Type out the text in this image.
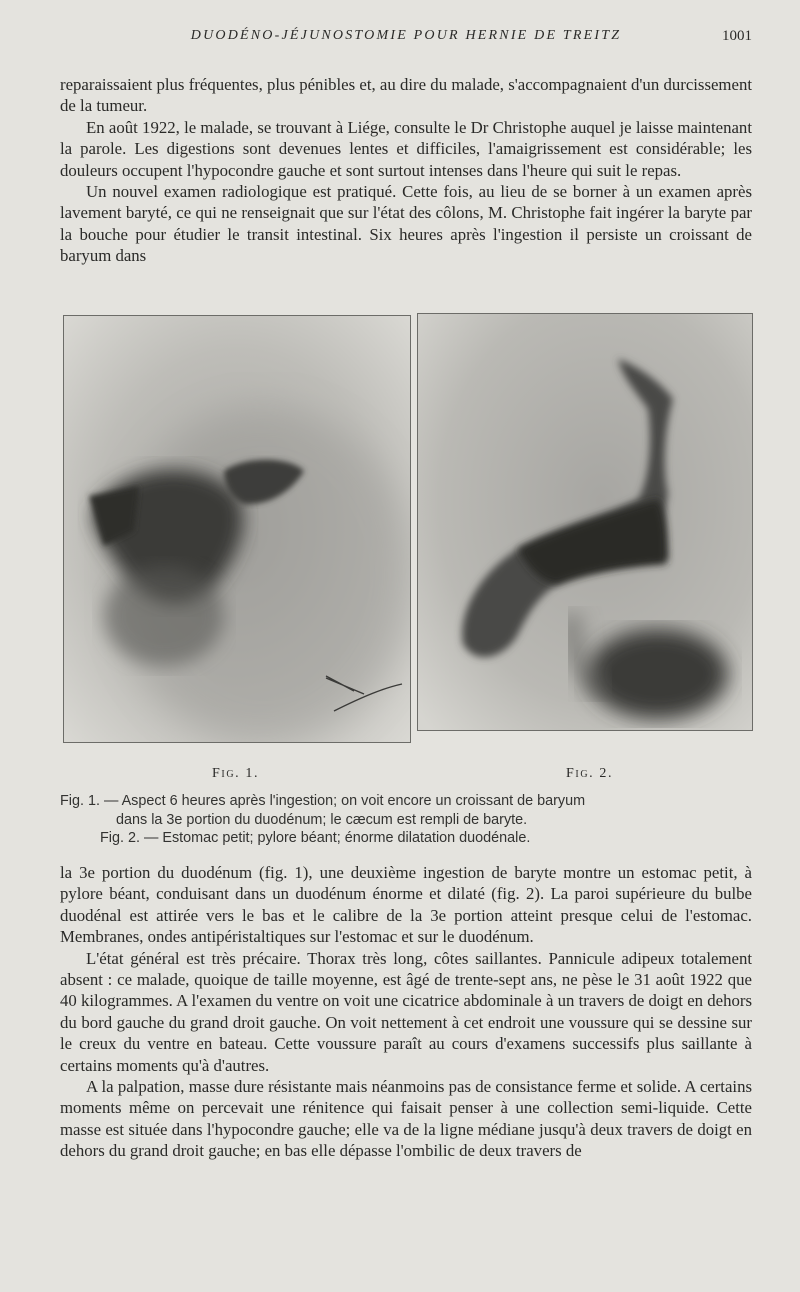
DUODÉNO-JÉJUNOSTOMIE POUR HERNIE DE TREITZ	1001

reparaissaient plus fréquentes, plus pénibles et, au dire du malade, s'accompagnaient d'un durcissement de la tumeur.

En août 1922, le malade, se trouvant à Liége, consulte le Dr Christophe auquel je laisse maintenant la parole. Les digestions sont devenues lentes et difficiles, l'amaigrissement est considérable; les douleurs occupent l'hypocondre gauche et sont surtout intenses dans l'heure qui suit le repas.

Un nouvel examen radiologique est pratiqué. Cette fois, au lieu de se borner à un examen après lavement baryté, ce qui ne renseignait que sur l'état des côlons, M. Christophe fait ingérer la baryte par la bouche pour étudier le transit intestinal. Six heures après l'ingestion il persiste un croissant de baryum dans

Fig. 1.	Fig. 2.

Fig. 1. — Aspect 6 heures après l'ingestion; on voit encore un croissant de baryum

dans la 3e portion du duodénum; le cæcum est rempli de baryte.

Fig. 2. — Estomac petit; pylore béant; énorme dilatation duodénale.

la 3e portion du duodénum (fig. 1), une deuxième ingestion de baryte montre un estomac petit, à pylore béant, conduisant dans un duodénum énorme et dilaté (fig. 2). La paroi supérieure du bulbe duodénal est attirée vers le bas et le calibre de la 3e portion atteint presque celui de l'estomac. Membranes, ondes antipéristaltiques sur l'estomac et sur le duodénum.

L'état général est très précaire. Thorax très long, côtes saillantes. Pannicule adipeux totalement absent : ce malade, quoique de taille moyenne, est âgé de trente-sept ans, ne pèse le 31 août 1922 que 40 kilogrammes. A l'examen du ventre on voit une cicatrice abdominale à un travers de doigt en dehors du bord gauche du grand droit gauche. On voit nettement à cet endroit une voussure qui se dessine sur le creux du ventre en bateau. Cette voussure paraît au cours d'examens successifs plus saillante à certains moments qu'à d'autres.

A la palpation, masse dure résistante mais néanmoins pas de consistance ferme et solide. A certains moments même on percevait une rénitence qui faisait penser à une collection semi-liquide. Cette masse est située dans l'hypocondre gauche; elle va de la ligne médiane jusqu'à deux travers de doigt en dehors du grand droit gauche; en bas elle dépasse l'ombilic de deux travers de
